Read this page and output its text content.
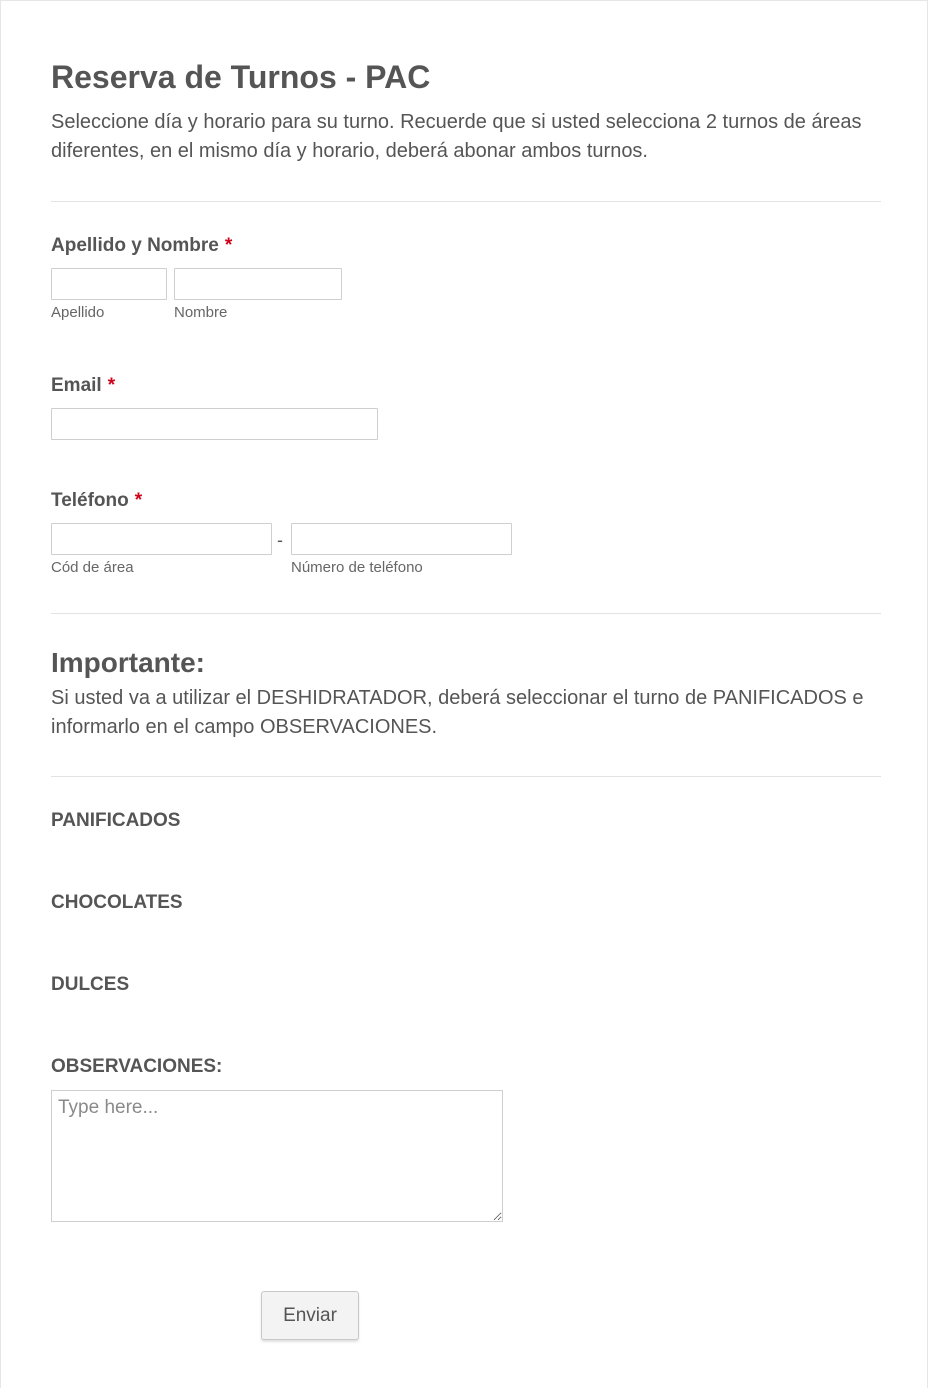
Reserva de Turnos - PAC

Seleccione día y horario para su turno. Recuerde que si usted selecciona 2 turnos de áreas diferentes, en el mismo día y horario, deberá abonar ambos turnos.

Apellido y Nombre *
Apellido	Nombre
Email *
Teléfono *
-
Cód de área	Número de teléfono
Importante:

Si usted va a utilizar el DESHIDRATADOR, deberá seleccionar el turno de PANIFICADOS e informarlo en el campo OBSERVACIONES.

PANIFICADOS
CHOCOLATES
DULCES
OBSERVACIONES:
Type here...
Enviar
